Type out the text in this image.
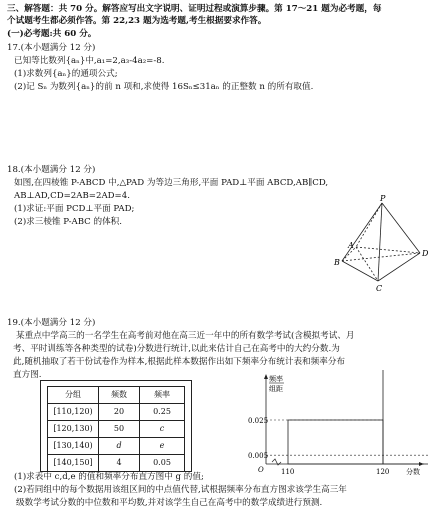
三、解答题：共 70 分。解答应写出文字说明、证明过程或演算步骤。第 17～21 题为必考题，每
个试题考生都必须作答。第 22,23 题为选考题,考生根据要求作答。
(一)必考题:共 60 分。
17.(本小题满分 12 分)
已知等比数列{aₙ}中,a₁=2,a₃-4a₂=-8.
(1)求数列{aₙ}的通项公式;
(2)记 Sₙ 为数列{aₙ}的前 n 项和,求使得 16Sₙ≤31aₙ 的正整数 n 的所有取值.
18.(本小题满分 12 分)
如图,在四棱锥 P-ABCD 中,△PAD 为等边三角形,平面 PAD⊥平面 ABCD,AB∥CD,
AB⊥AD,CD=2AB=2AD=4.
(1)求证:平面 PCD⊥平面 PAD;
(2)求三棱锥 P-ABC 的体积.
P
A
B
C
D
19.(本小题满分 12 分)
某重点中学高三的一名学生在高考前对他在高三近一年中的所有数学考试(含模拟考试、月
考、平时训练等各种类型的试卷)分数进行统计,以此来估计自己在高考中的大约分数.为
此,随机抽取了若干份试卷作为样本,根据此样本数据作出如下频率分布统计表和频率分布
直方图.
分组	频数	频率
[110,120)	20	0.25
[120,130)	50	c
[130,140)	d	e
[140,150]	4	0.05
频率
组距
O	分数
0.025
0.005
110	120
(1)求表中 c,d,e 的值和频率分布直方图中 g 的值;
(2)若同组中的每个数据用该组区间的中点值代替,试根据频率分布直方图求该学生高三年
级数学考试分数的中位数和平均数,并对该学生自己在高考中的数学成绩进行预测.
